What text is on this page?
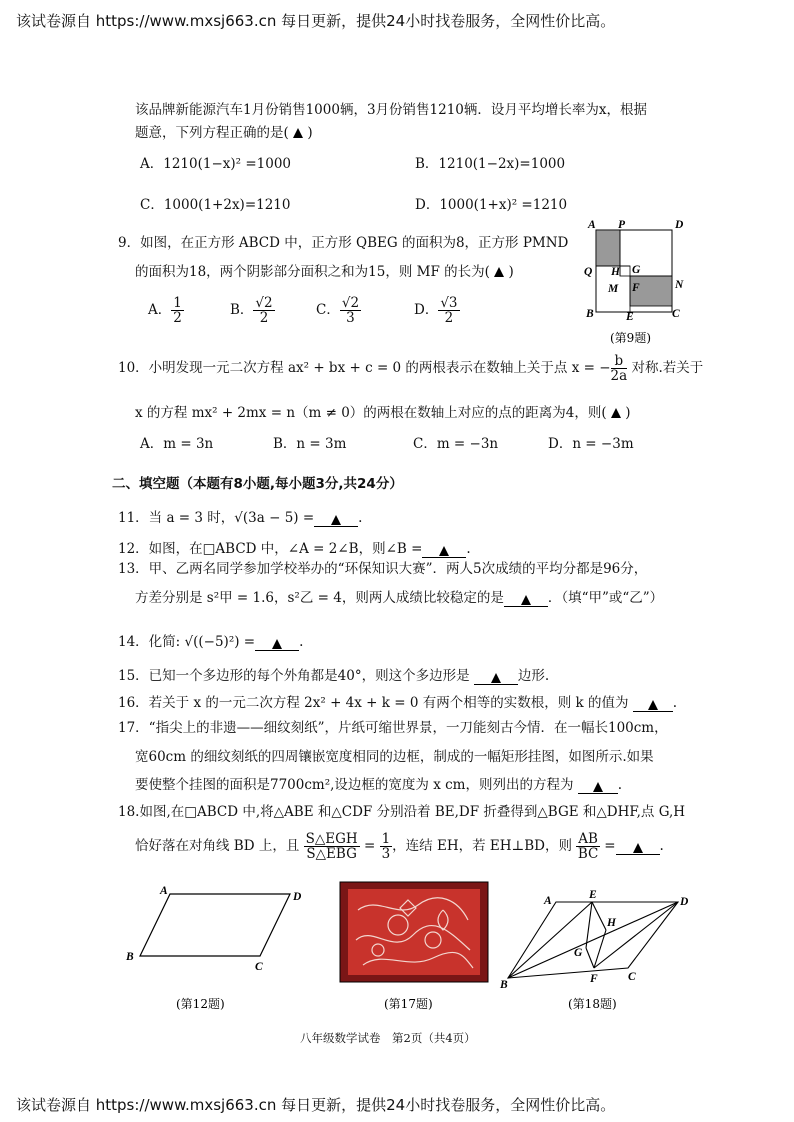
该试卷源自 https://www.mxsj663.cn 每日更新，提供24小时找卷服务，全网性价比高。
该品牌新能源汽车1月份销售1000辆，3月份销售1210辆．设月平均增长率为x，根据
题意，下列方程正确的是(  )
A．1210(1−x)² =1000	B．1210(1−2x)=1000
C．1000(1+2x)=1210	D．1000(1+x)² =1210
9．如图，在正方形 ABCD 中，正方形 QBEG 的面积为8，正方形 PMND
的面积为18，两个阴影部分面积之和为15，则 MF 的长为(  )
A． $\frac{1}{2}$	B． $\frac{√2}{2}$	C． $\frac{√2}{3}$	D． $\frac{√3}{2}$
A P	D
H G
Q
N
M F
B	E	C
(第9题)
10．小明发现一元二次方程 ax² + bx + c = 0 的两根表示在数轴上关于点 x = − $\frac{b}{2a}$ 对称.若关于
x 的方程 mx² + 2mx = n（m ≠ 0）的两根在数轴上对应的点的距离为4，则(  )
A．m = 3n	B．n = 3m	C．m = −3n	D．n = −3m
二、填空题（本题有8小题,每小题3分,共24分）
11．当 a = 3 时，√(3a − 5) =	.
12．如图，在□ABCD 中，∠A = 2∠B，则∠B =	.
13．甲、乙两名同学参加学校举办的“环保知识大赛”．两人5次成绩的平均分都是96分，
方差分别是 s²甲 = 1.6，s²乙 = 4，则两人成绩比较稳定的是	．（填“甲”或“乙”）
14．化简: √((−5)²) =	.
15．已知一个多边形的每个外角都是40°，则这个多边形是	边形.
16．若关于 x 的一元二次方程 2x² + 4x + k = 0 有两个相等的实数根，则 k 的值为	.
17．“指尖上的非遗——细纹刻纸”，片纸可缩世界景，一刀能刻古今情．在一幅长100cm，
宽60cm 的细纹刻纸的四周镶嵌宽度相同的边框，制成的一幅矩形挂图，如图所示.如果
要使整个挂图的面积是7700cm²,设边框的宽度为 x cm，则列出的方程为	.
18.如图,在□ABCD 中,将△ABE 和△CDF 分别沿着 BE,DF 折叠得到△BGE 和△DHF,点 G,H
恰好落在对角线 BD 上，且 $\frac{\text{S△EGH}}{\text{S△EBG}} = \frac{1}{3}$ ，连结 EH，若 EH⊥BD，则 $\frac{AB}{BC}$ =	.
A	D
B
C
(第12题)	(第17题)
A	E
D
H
G
F	C
B
(第18题)
八年级数学试卷　第2页（共4页）
该试卷源自 https://www.mxsj663.cn 每日更新，提供24小时找卷服务，全网性价比高。
